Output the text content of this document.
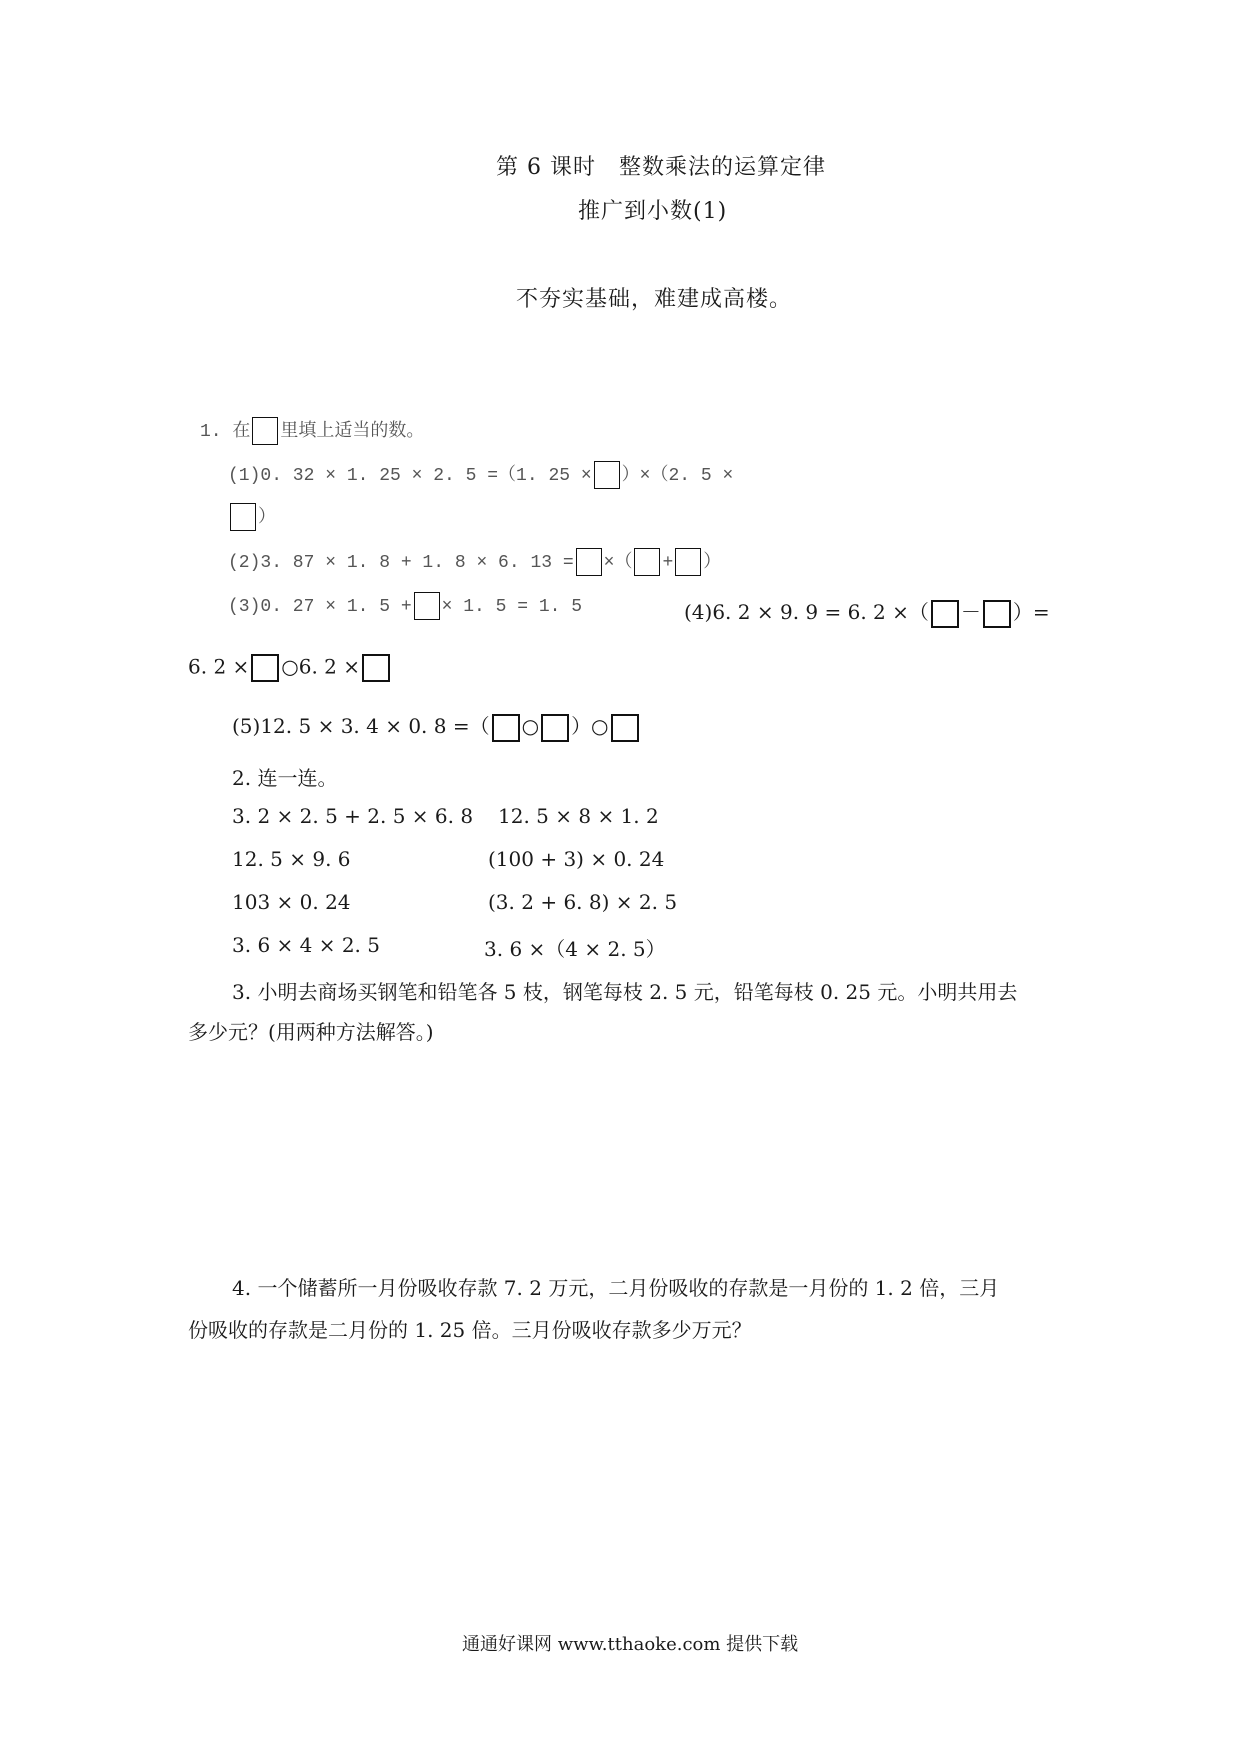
第 6 课时　整数乘法的运算定律
推广到小数(1)
不夯实基础，难建成高楼。
1. 在 里填上适当的数。
(1)0. 32 × 1. 25 × 2. 5 =（1. 25 × ）×（2. 5 ×
）
(2)3. 87 × 1. 8 + 1. 8 × 6. 13 = ×（ + ）
(3)0. 27 × 1. 5 + × 1. 5 = 1. 5	(4)6. 2 × 9. 9 = 6. 2 ×（ － ）=
6. 2 × ○6. 2 ×
(5)12. 5 × 3. 4 × 0. 8 =（ ○ ）○
2. 连一连。
3. 2 × 2. 5 + 2. 5 × 6. 8
12. 5 × 9. 6
103 × 0. 24
3. 6 × 4 × 2. 5
12. 5 × 8 × 1. 2
(100 + 3) × 0. 24
(3. 2 + 6. 8) × 2. 5
3. 6 ×（4 × 2. 5）
3. 小明去商场买钢笔和铅笔各 5 枝，钢笔每枝 2. 5 元，铅笔每枝 0. 25 元。小明共用去
多少元？(用两种方法解答。)
4. 一个储蓄所一月份吸收存款 7. 2 万元，二月份吸收的存款是一月份的 1. 2 倍，三月
份吸收的存款是二月份的 1. 25 倍。三月份吸收存款多少万元？
通通好课网 www.tthaoke.com 提供下载
